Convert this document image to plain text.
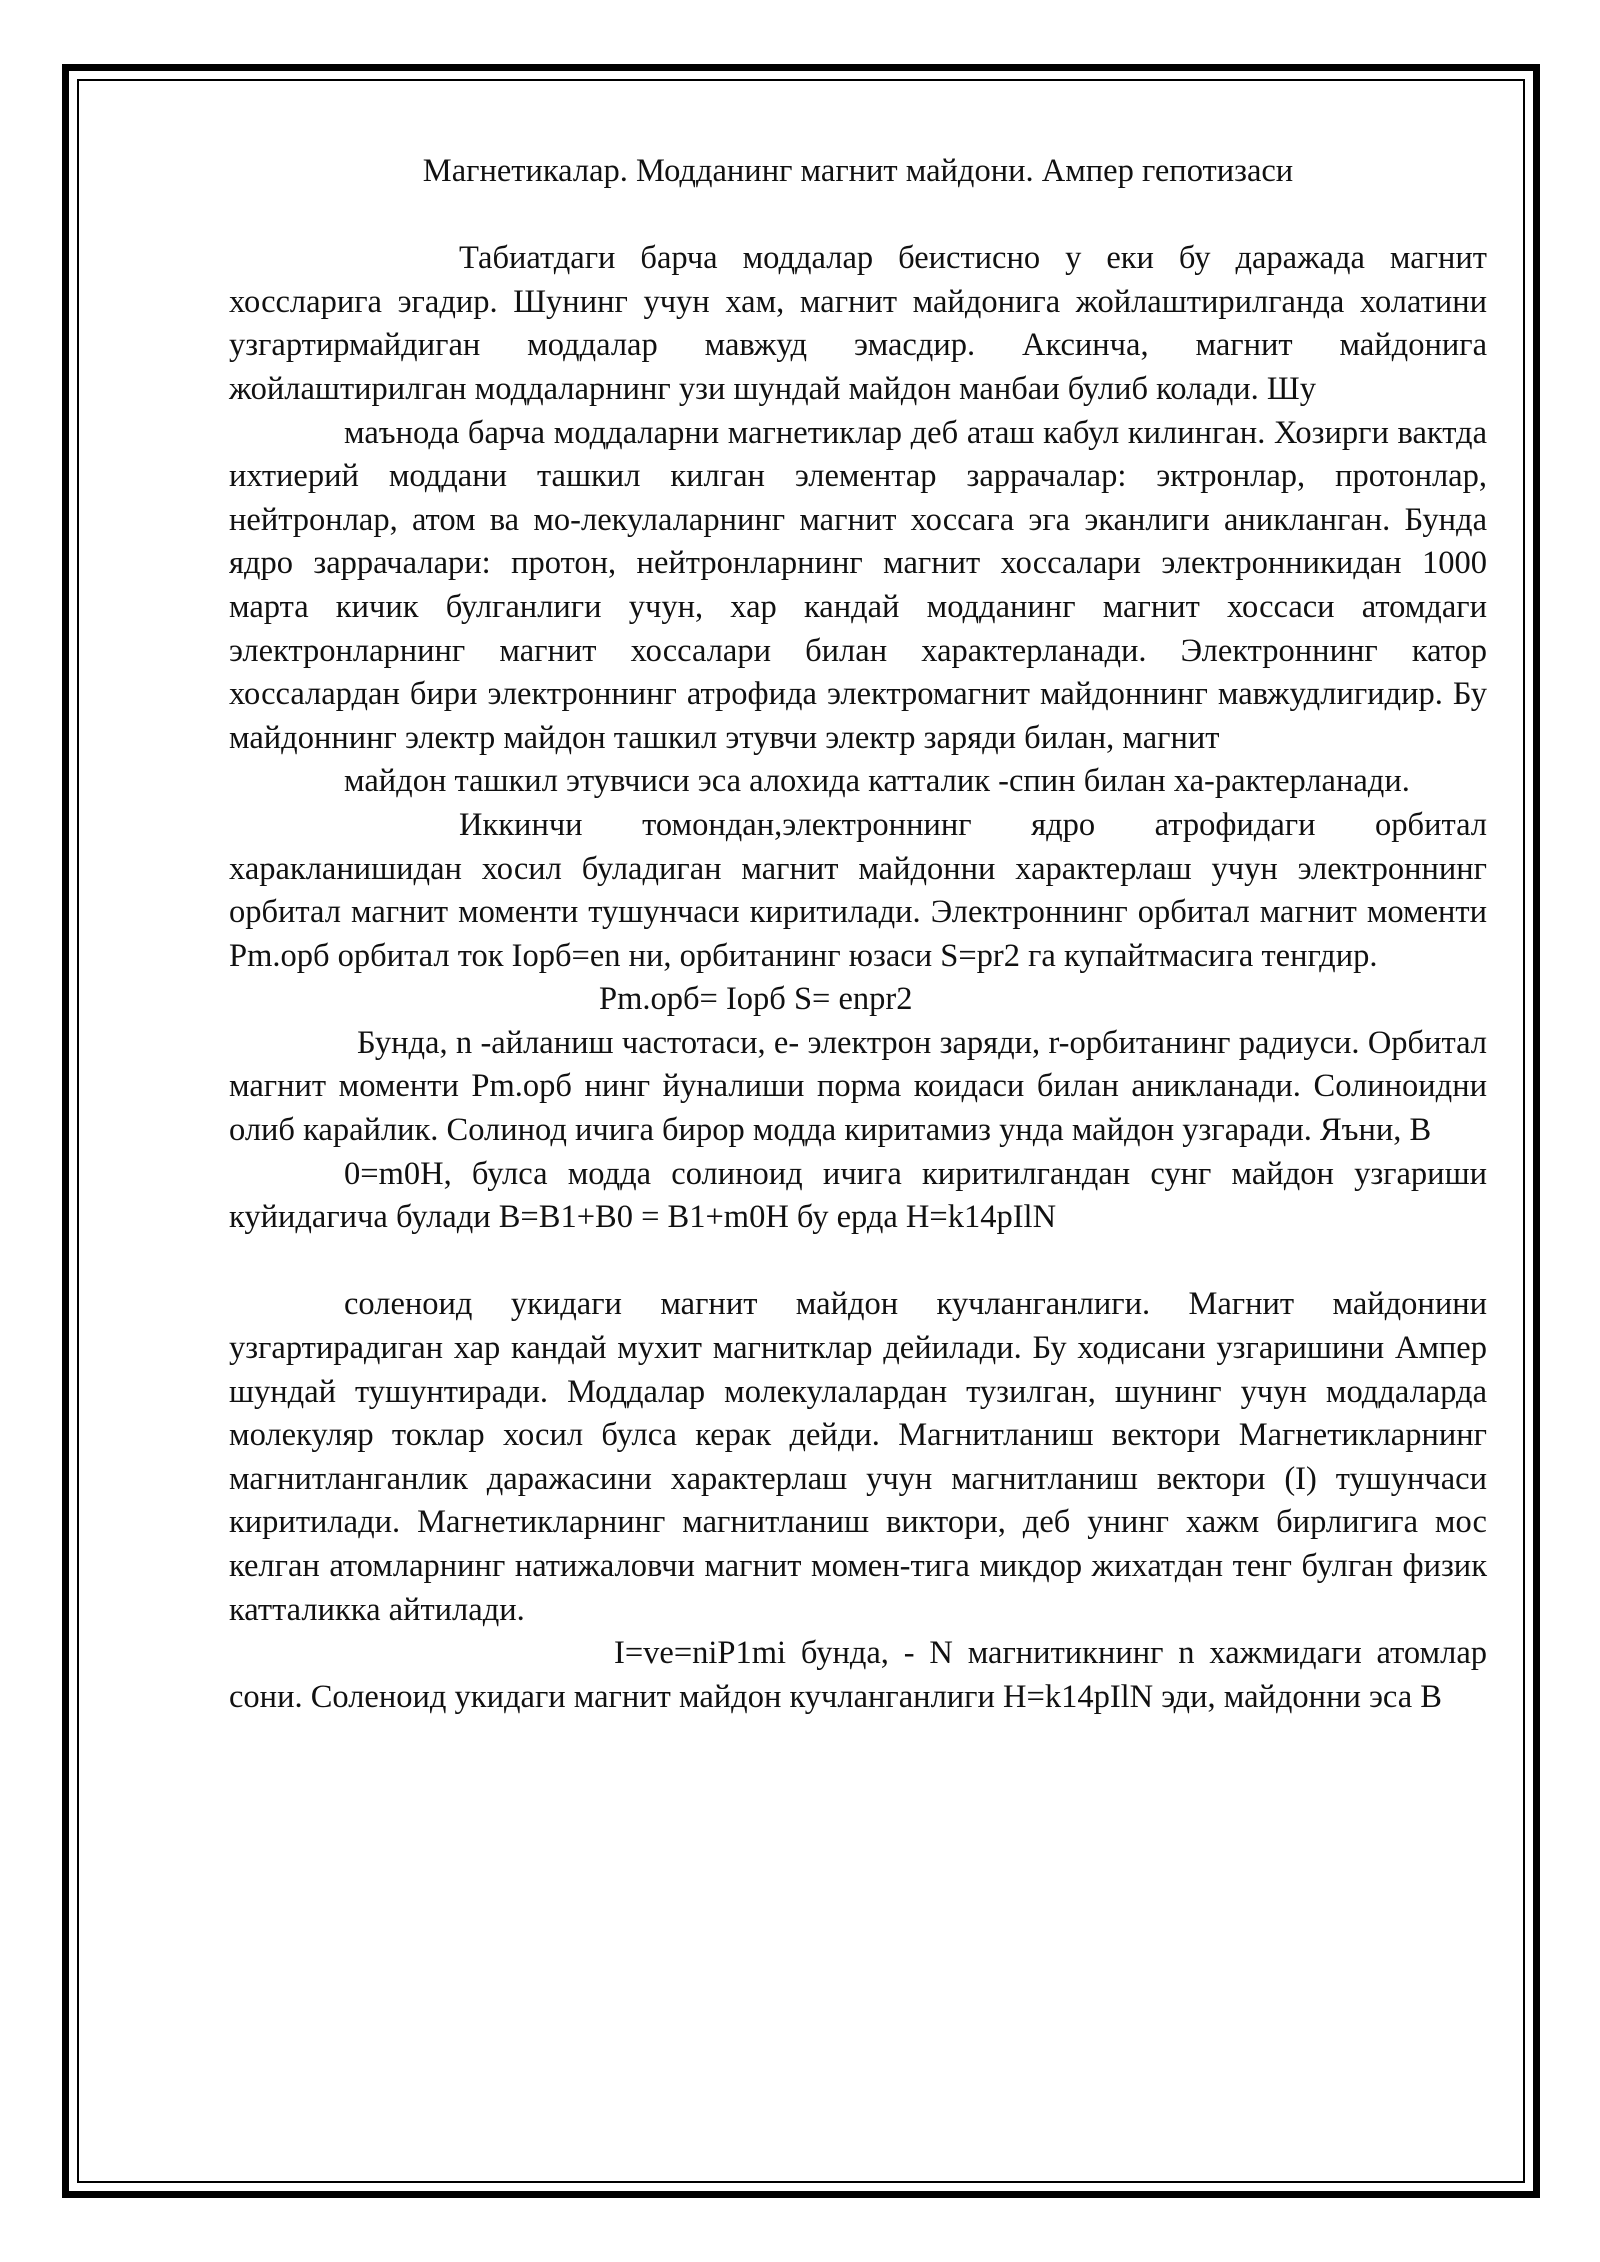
Магнетикалар. Модданинг магнит майдони. Ампер гепотизаси

Табиатдаги барча моддалар беистисно у еки бу даражада магнит хоссларига эгадир. Шунинг учун хам, магнит майдонига жойлаштирилганда холатини узгартирмайдиган моддалар мавжуд эмасдир. Аксинча, магнит майдонига жойлаштирилган моддаларнинг узи шундай майдон манбаи булиб колади. Шу

маънода барча моддаларни магнетиклар деб аташ кабул килинган. Хозирги вактда ихтиерий моддани ташкил килган элементар заррачалар: эктронлар, протонлар, нейтронлар, атом ва мо-лекулаларнинг магнит хоссага эга эканлиги аникланган. Бунда ядро заррачалари: протон, нейтронларнинг магнит хоссалари электронникидан 1000 марта кичик булганлиги учун, хар кандай модданинг магнит хоссаси атомдаги электронларнинг магнит хоссалари билан характерланади. Электроннинг катор хоссалардан бири электроннинг атрофида электромагнит майдоннинг мавжудлигидир. Бу майдоннинг электр майдон ташкил этувчи электр заряди билан, магнит

майдон ташкил этувчиси эса алохида катталик -спин билан ха-рактерланади.

Иккинчи томондан,электроннинг ядро атрофидаги орбитал харакланишидан хосил буладиган магнит майдонни характерлаш учун электроннинг орбитал магнит моменти тушунчаси киритилади. Электроннинг орбитал магнит моменти Pm.орб орбитал ток Iорб=en ни, орбитанинг юзаси S=pr2 га купайтмасига тенгдир.

Pm.орб= Iорб S= enpr2

Бунда, n -айланиш частотаси, e- электрон заряди, r-орбитанинг радиуси. Орбитал магнит моменти Pm.орб нинг йуналиши порма коидаси билан аникланади. Солиноидни олиб карайлик. Солинод ичига бирор модда киритамиз унда майдон узгаради. Яъни, В

0=m0H, булса модда солиноид ичига киритилгандан сунг майдон узгариши куйидагича булади B=B1+B0 = B1+m0H бу ерда H=k14pIlN

соленоид укидаги магнит майдон кучланганлиги. Магнит майдонини узгартирадиган хар кандай мухит магнитклар дейилади. Бу ходисани узгаришини Ампер шундай тушунтиради. Моддалар молекулалардан тузилган, шунинг учун моддаларда молекуляр токлар хосил булса керак дейди. Магнитланиш вектори Магнетикларнинг магнитланганлик даражасини характерлаш учун магнитланиш вектори (I) тушунчаси киритилади. Магнетикларнинг магнитланиш виктори, деб унинг хажм бирлигига мос келган атомларнинг натижаловчи магнит момен-тига микдор жихатдан тенг булган физик катталикка айтилади.

I=ve=niP1mi бунда, - N магнитикнинг n хажмидаги атомлар сони. Соленоид укидаги магнит майдон кучланганлиги H=k14pIlN эди, майдонни эса В
